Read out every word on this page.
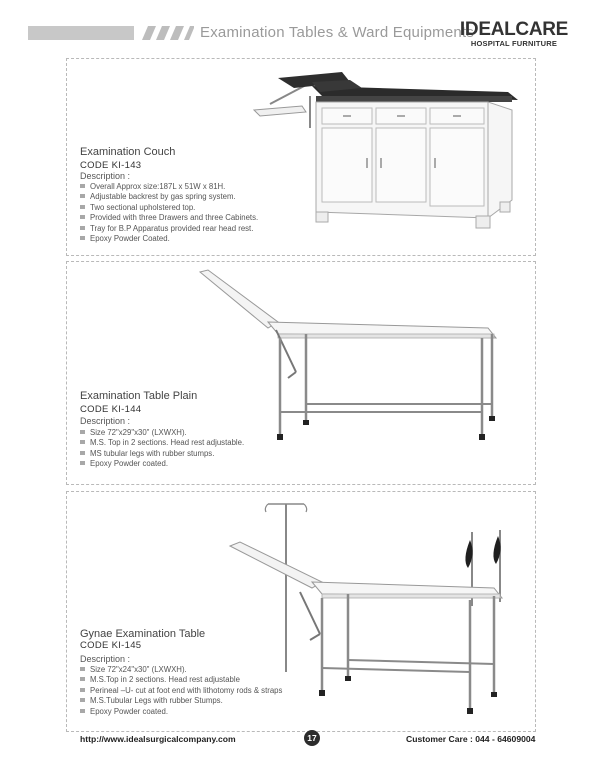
Examination Tables & Ward Equipments
IDEALCARE
HOSPITAL FURNITURE
Examination Couch
CODE KI-143
Description :
Overall Approx size:187L x 51W x 81H.
Adjustable backrest by gas spring system.
Two sectional upholstered top.
Provided with three Drawers and three Cabinets.
Tray for B.P Apparatus provided rear head rest.
Epoxy Powder Coated.
Examination Table Plain
CODE KI-144
Description :
Size 72"x29"x30" (LXWXH).
M.S. Top in 2 sections. Head rest adjustable.
MS tubular legs with rubber stumps.
Epoxy Powder coated.
Gynae Examination Table
CODE KI-145
Description :
Size 72"x24"x30" (LXWXH).
M.S.Top in 2 sections. Head rest adjustable
Perineal –U- cut at foot end with lithotomy rods & straps
M.S.Tubular Legs with rubber Stumps.
Epoxy Powder coated.
http://www.idealsurgicalcompany.com	17	Customer Care : 044 - 64609004
